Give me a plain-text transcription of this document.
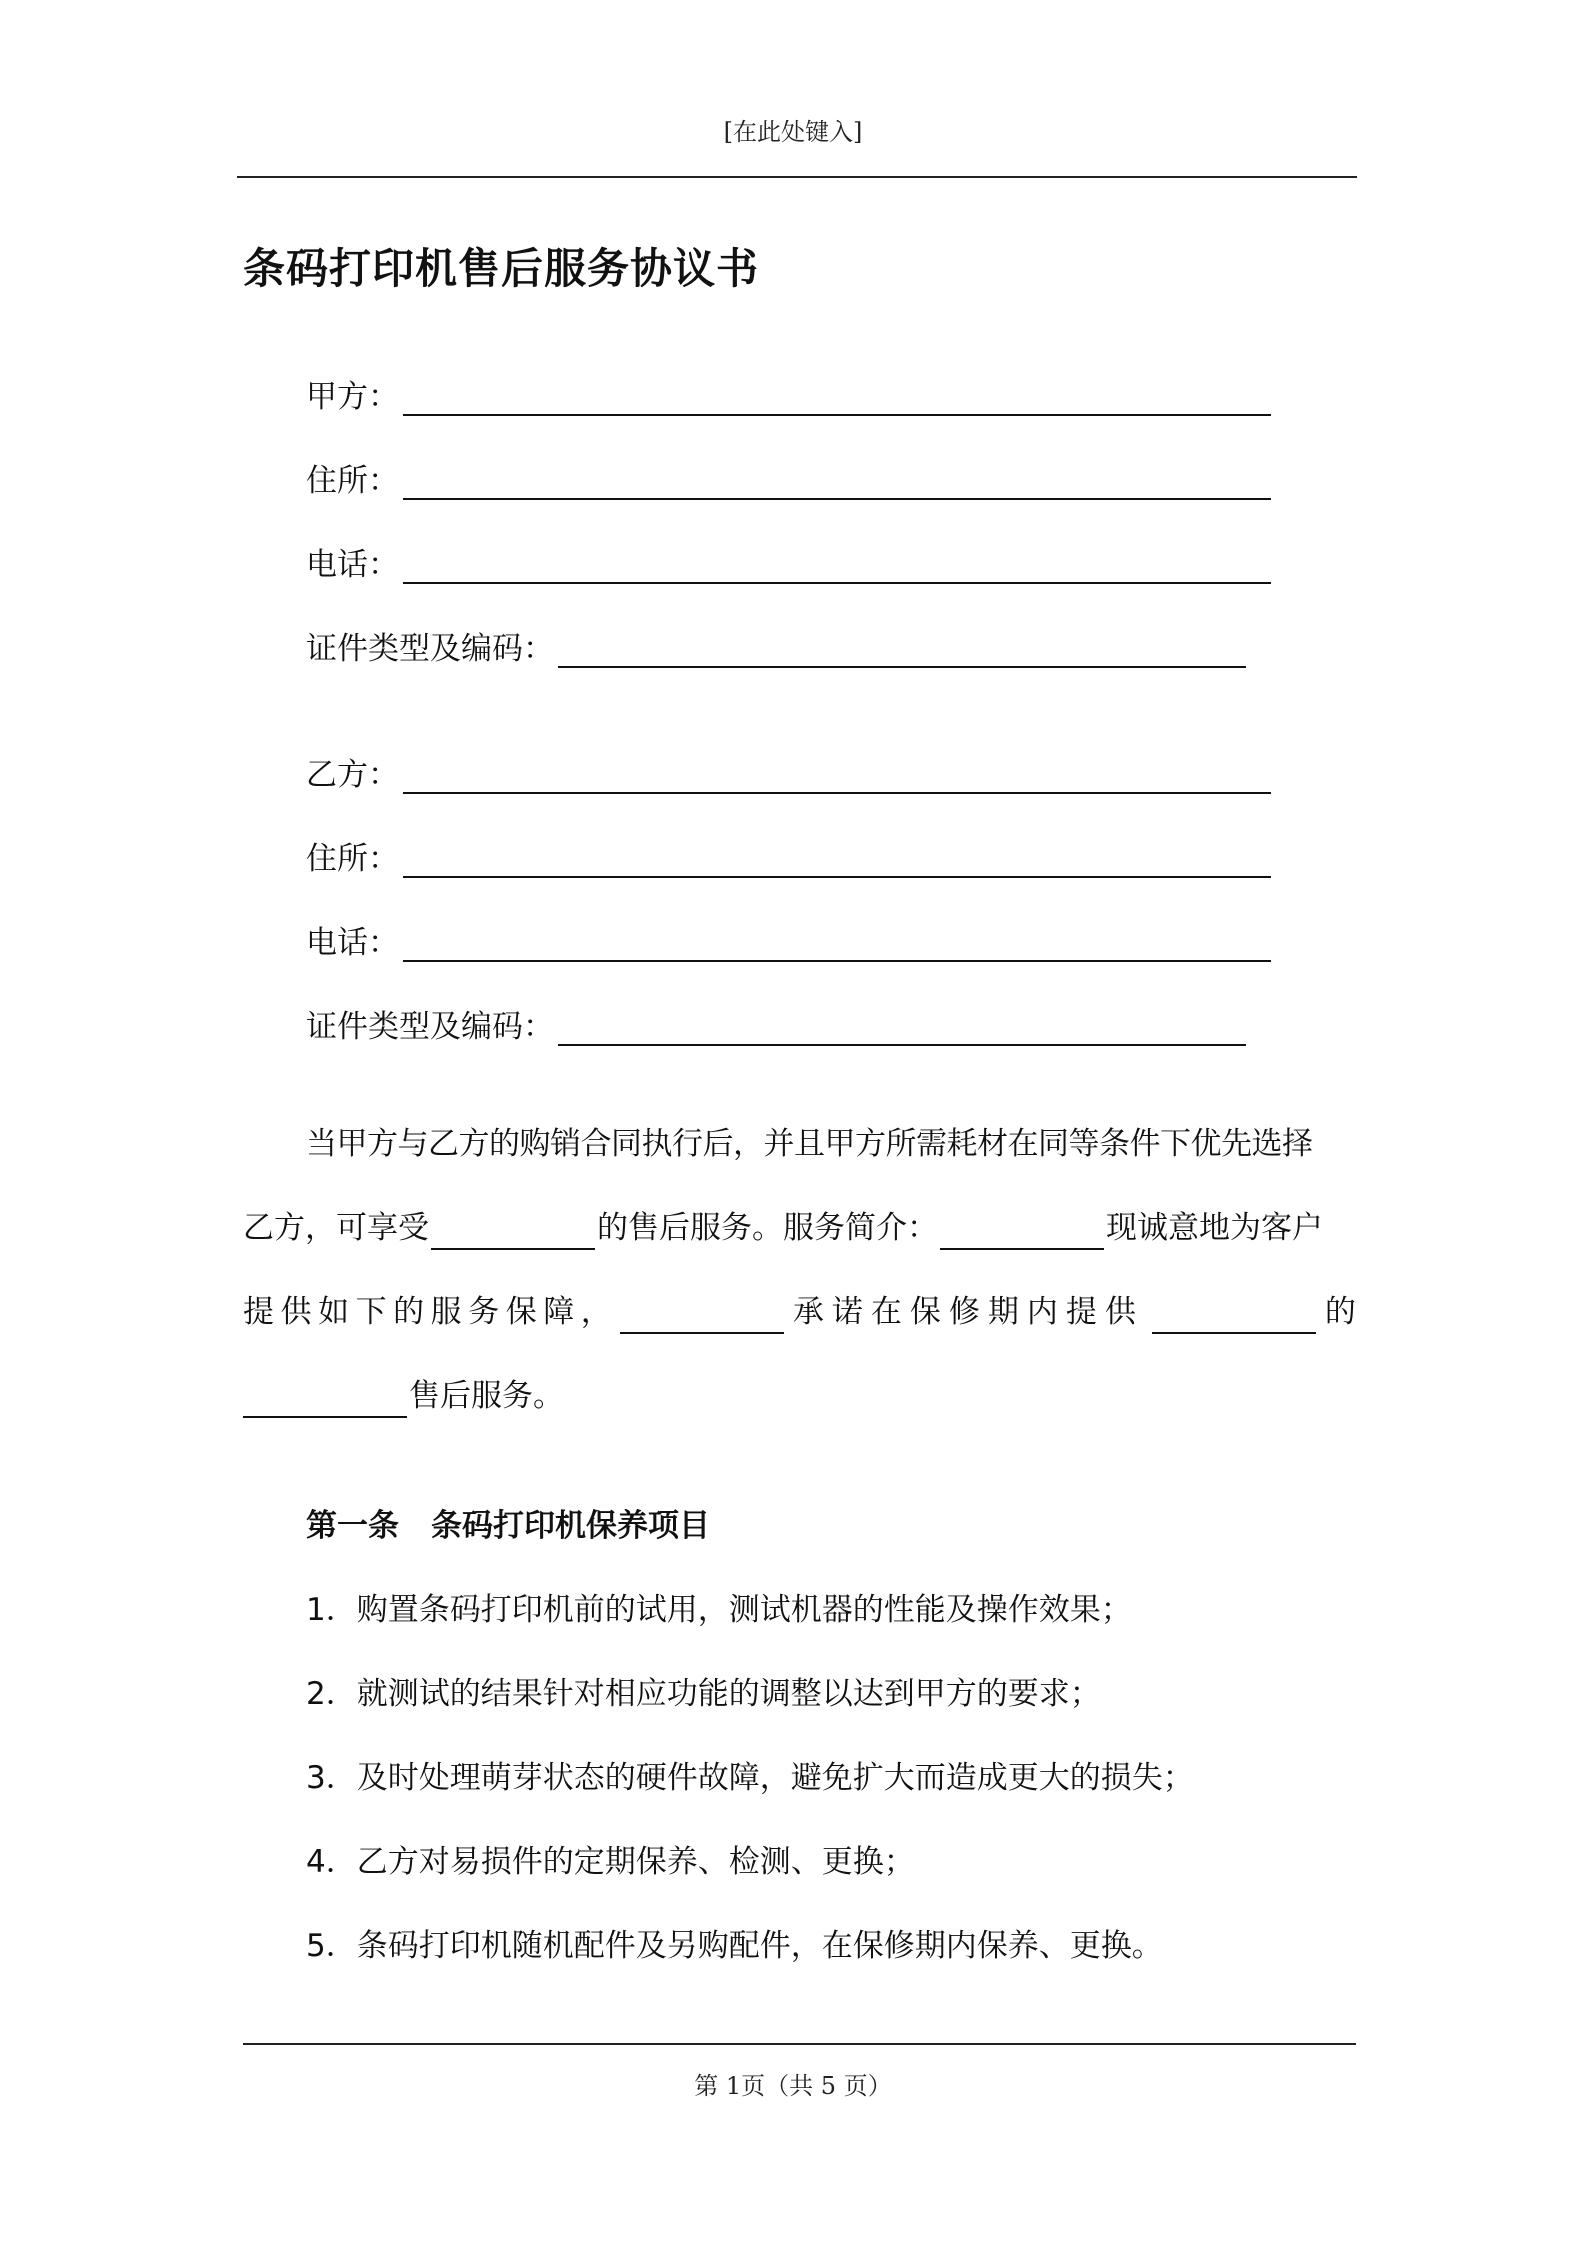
[在此处键入]
条码打印机售后服务协议书
甲方：
住所：
电话：
证件类型及编码：
乙方：
住所：
电话：
证件类型及编码：
当甲方与乙方的购销合同执行后，并且甲方所需耗材在同等条件下优先选择
乙方，可享受	的售后服务。服务简介：	现诚意地为客户
提 供 如 下 的 服 务 保 障 ，	承诺在保修期内提供	的
售后服务。
第一条 条码打印机保养项目
1．购置条码打印机前的试用，测试机器的性能及操作效果；
2．就测试的结果针对相应功能的调整以达到甲方的要求；
3．及时处理萌芽状态的硬件故障，避免扩大而造成更大的损失；
4．乙方对易损件的定期保养、检测、更换；
5．条码打印机随机配件及另购配件，在保修期内保养、更换。
第 1页（共 5 页）
